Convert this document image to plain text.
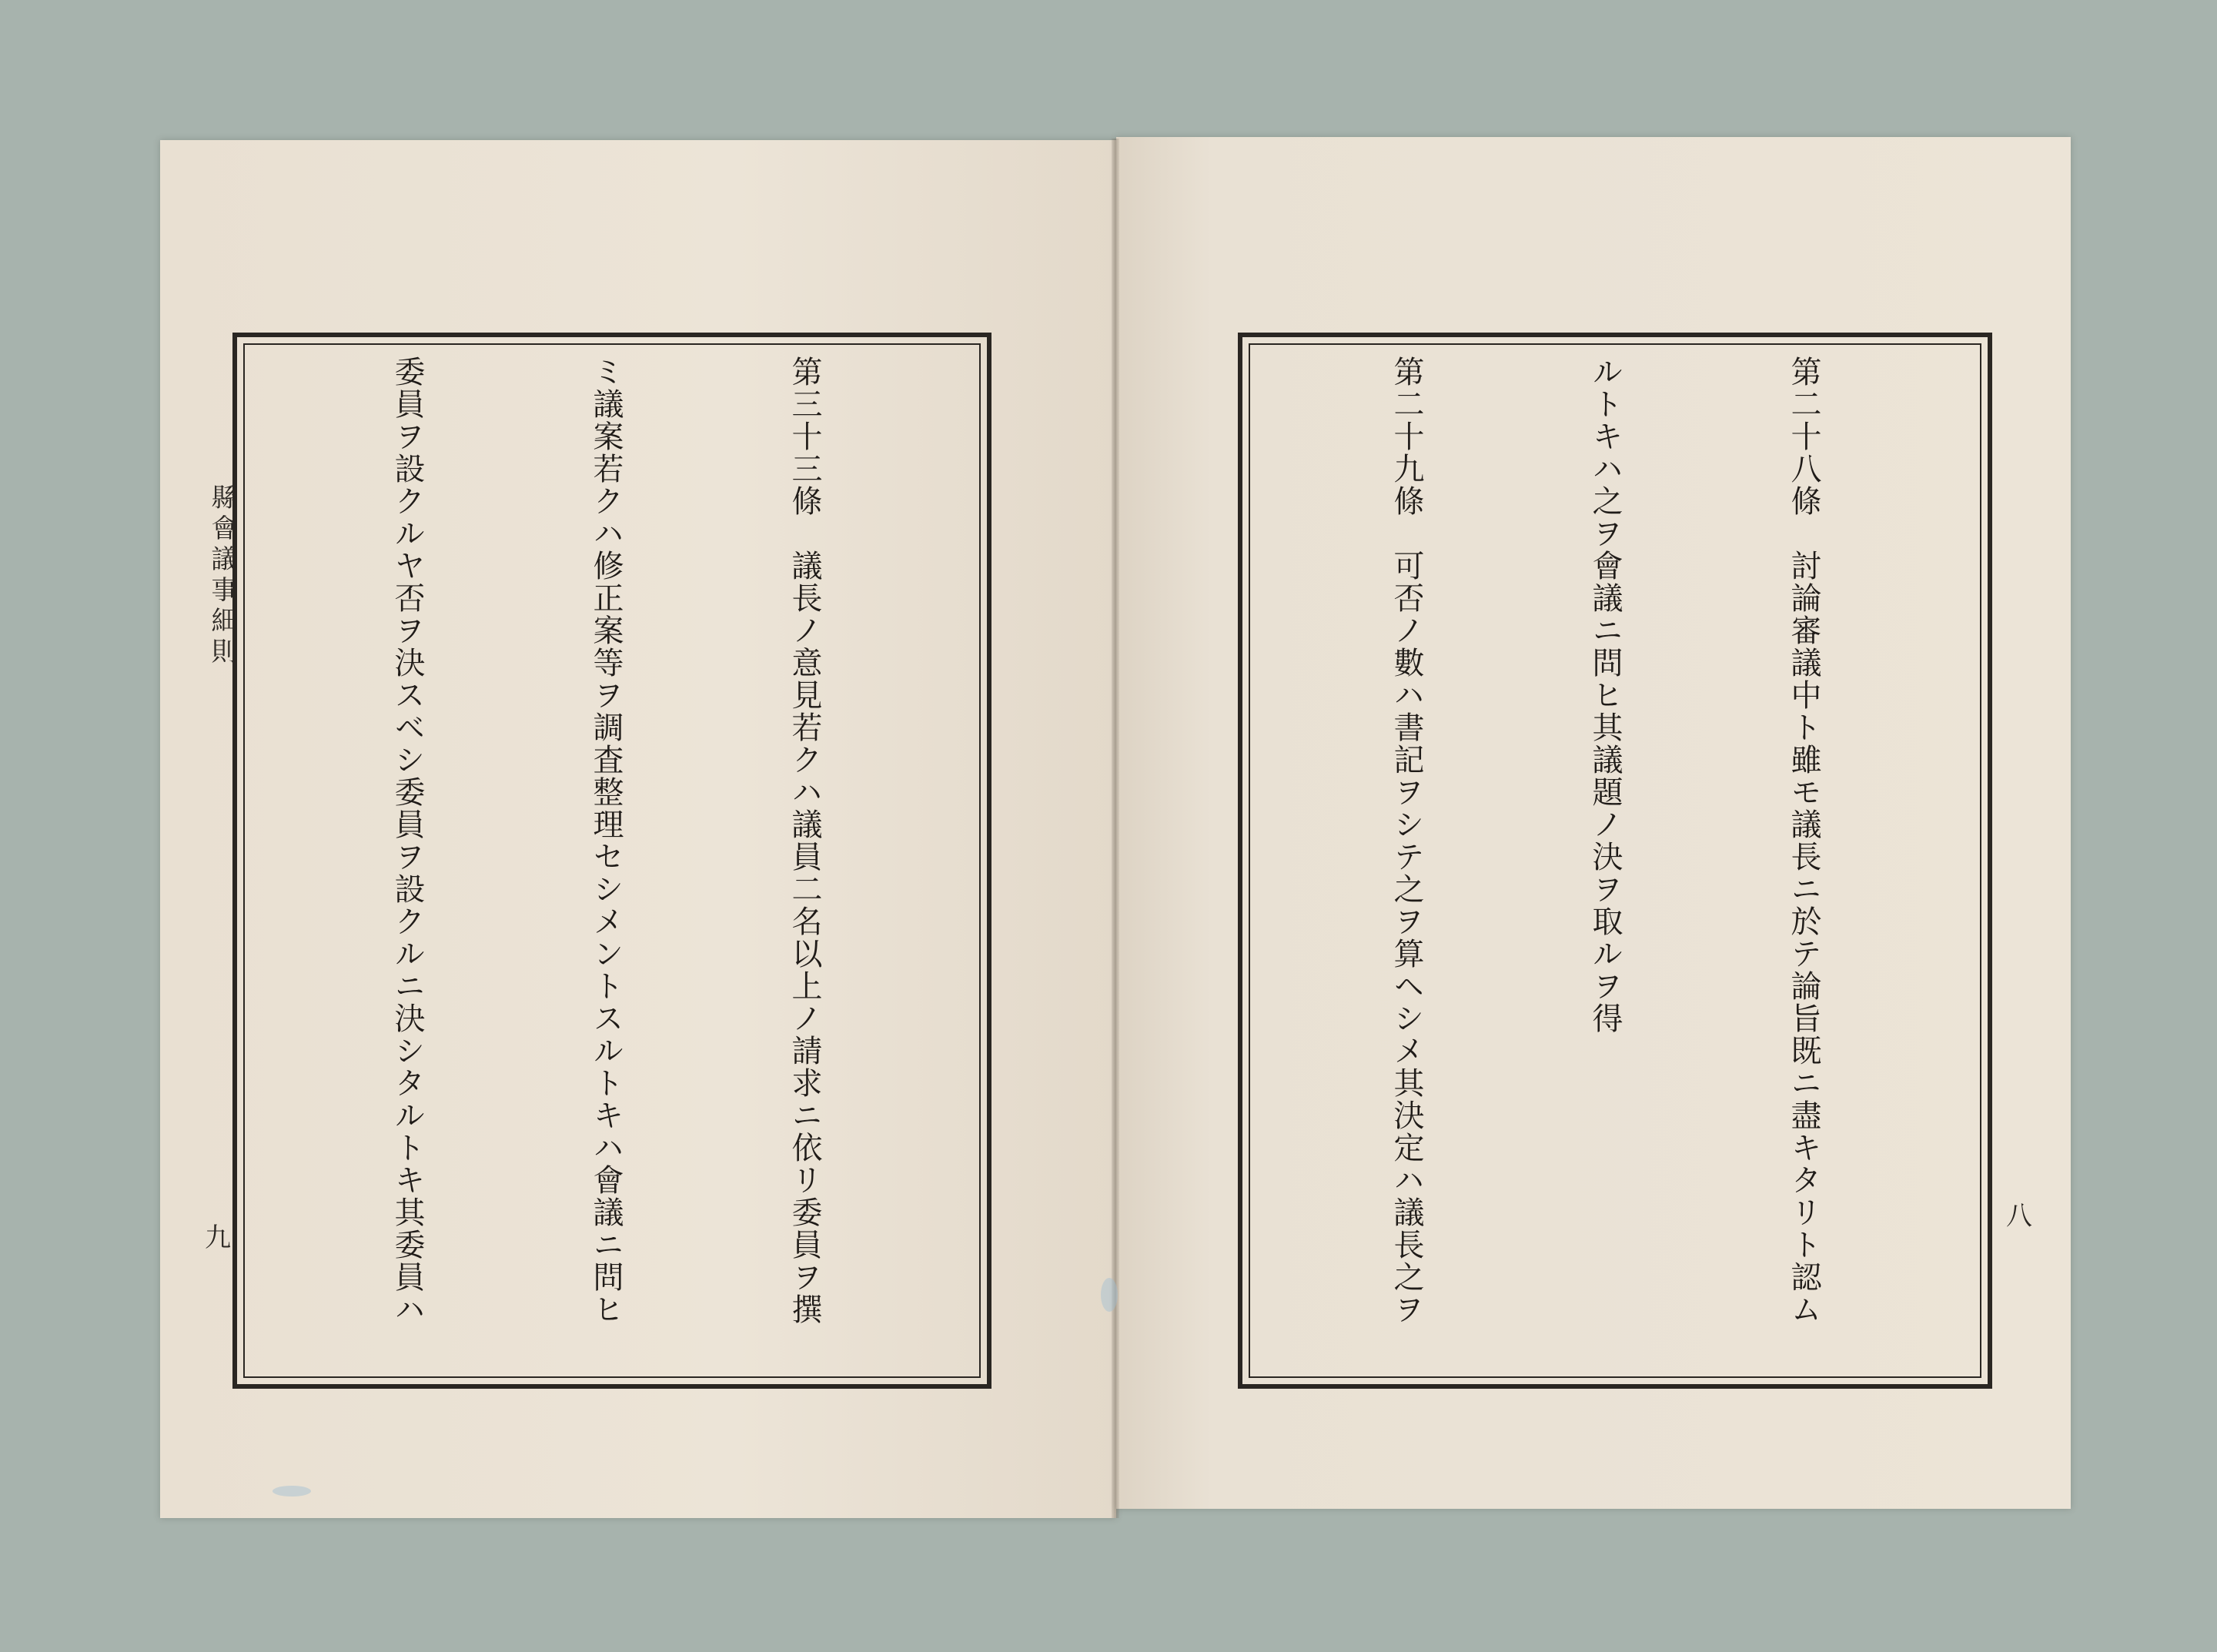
縣會議事細則
九
八

第三十三條　議長ノ意見若クハ議員二名以上ノ請求ニ依リ委員ヲ撰

ミ議案若クハ修正案等ヲ調査整理セシメントスルトキハ會議ニ問ヒ

委員ヲ設クルヤ否ヲ決スベシ委員ヲ設クルニ決シタルトキ其委員ハ

	第二十八條　討論審議中ト雖モ議長ニ於テ論旨既ニ盡キタリト認ム

ルトキハ之ヲ會議ニ問ヒ其議題ノ決ヲ取ルヲ得

第二十九條　可否ノ數ハ書記ヲシテ之ヲ算ヘシメ其決定ハ議長之ヲ
